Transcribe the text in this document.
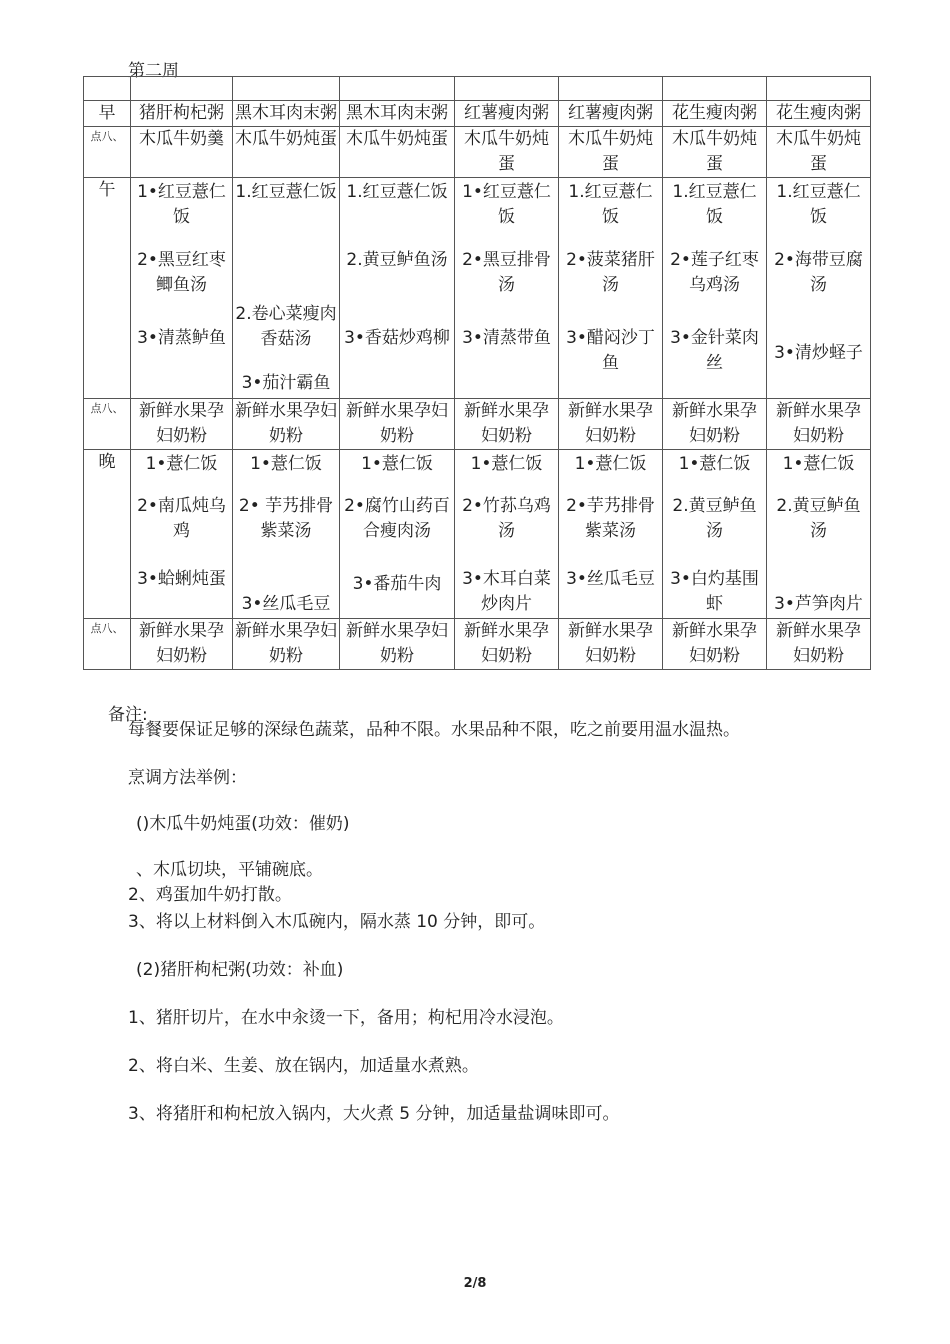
第二周

早	猪肝枸杞粥	黑木耳肉末粥	黑木耳肉末粥	红薯瘦肉粥	红薯瘦肉粥	花生瘦肉粥	花生瘦肉粥
点八、	木瓜牛奶羹	木瓜牛奶炖蛋	木瓜牛奶炖蛋	木瓜牛奶炖蛋	木瓜牛奶炖蛋	木瓜牛奶炖蛋	木瓜牛奶炖蛋
午	1•红豆薏仁饭
2•黑豆红枣鲫鱼汤
3•清蒸鲈鱼	1.红豆薏仁饭
2.卷心菜瘦肉香菇汤
3•茄汁霸鱼	1.红豆薏仁饭
2.黄豆鲈鱼汤
3•香菇炒鸡柳	1•红豆薏仁饭
2•黑豆排骨汤
3•清蒸带鱼	1.红豆薏仁饭
2•菠菜猪肝汤
3•醋闷沙丁鱼	1.红豆薏仁饭
2•莲子红枣乌鸡汤
3•金针菜肉丝	1.红豆薏仁饭
2•海带豆腐汤
3•清炒蛏子

点八、	新鲜水果孕妇奶粉	新鲜水果孕妇奶粉	新鲜水果孕妇奶粉	新鲜水果孕妇奶粉	新鲜水果孕妇奶粉	新鲜水果孕妇奶粉	新鲜水果孕妇奶粉
晚	1•薏仁饭
2•南瓜炖乌鸡
3•蛤蜊炖蛋	1•薏仁饭
2• 芋艿排骨紫菜汤
3•丝瓜毛豆	1•薏仁饭
2•腐竹山药百合瘦肉汤
3•番茄牛肉	1•薏仁饭
2•竹荪乌鸡汤
3•木耳白菜炒肉片	1•薏仁饭
2•芋艿排骨紫菜汤
3•丝瓜毛豆	1•薏仁饭
2.黄豆鲈鱼汤
3•白灼基围虾	1•薏仁饭
2.黄豆鲈鱼汤
3•芦笋肉片

点八、	新鲜水果孕妇奶粉	新鲜水果孕妇奶粉	新鲜水果孕妇奶粉	新鲜水果孕妇奶粉	新鲜水果孕妇奶粉	新鲜水果孕妇奶粉	新鲜水果孕妇奶粉
备注:
每餐要保证足够的深绿色蔬菜，品种不限。水果品种不限，吃之前要用温水温热。
烹调方法举例：
()木瓜牛奶炖蛋(功效：催奶)
、木瓜切块，平铺碗底。
2、鸡蛋加牛奶打散。
3、将以上材料倒入木瓜碗内，隔水蒸 10 分钟，即可。
(2)猪肝枸杞粥(功效：补血)
1、猪肝切片，在水中汆烫一下，备用；枸杞用冷水浸泡。
2、将白米、生姜、放在锅内，加适量水煮熟。
3、将猪肝和枸杞放入锅内，大火煮 5 分钟，加适量盐调味即可。
2/8
